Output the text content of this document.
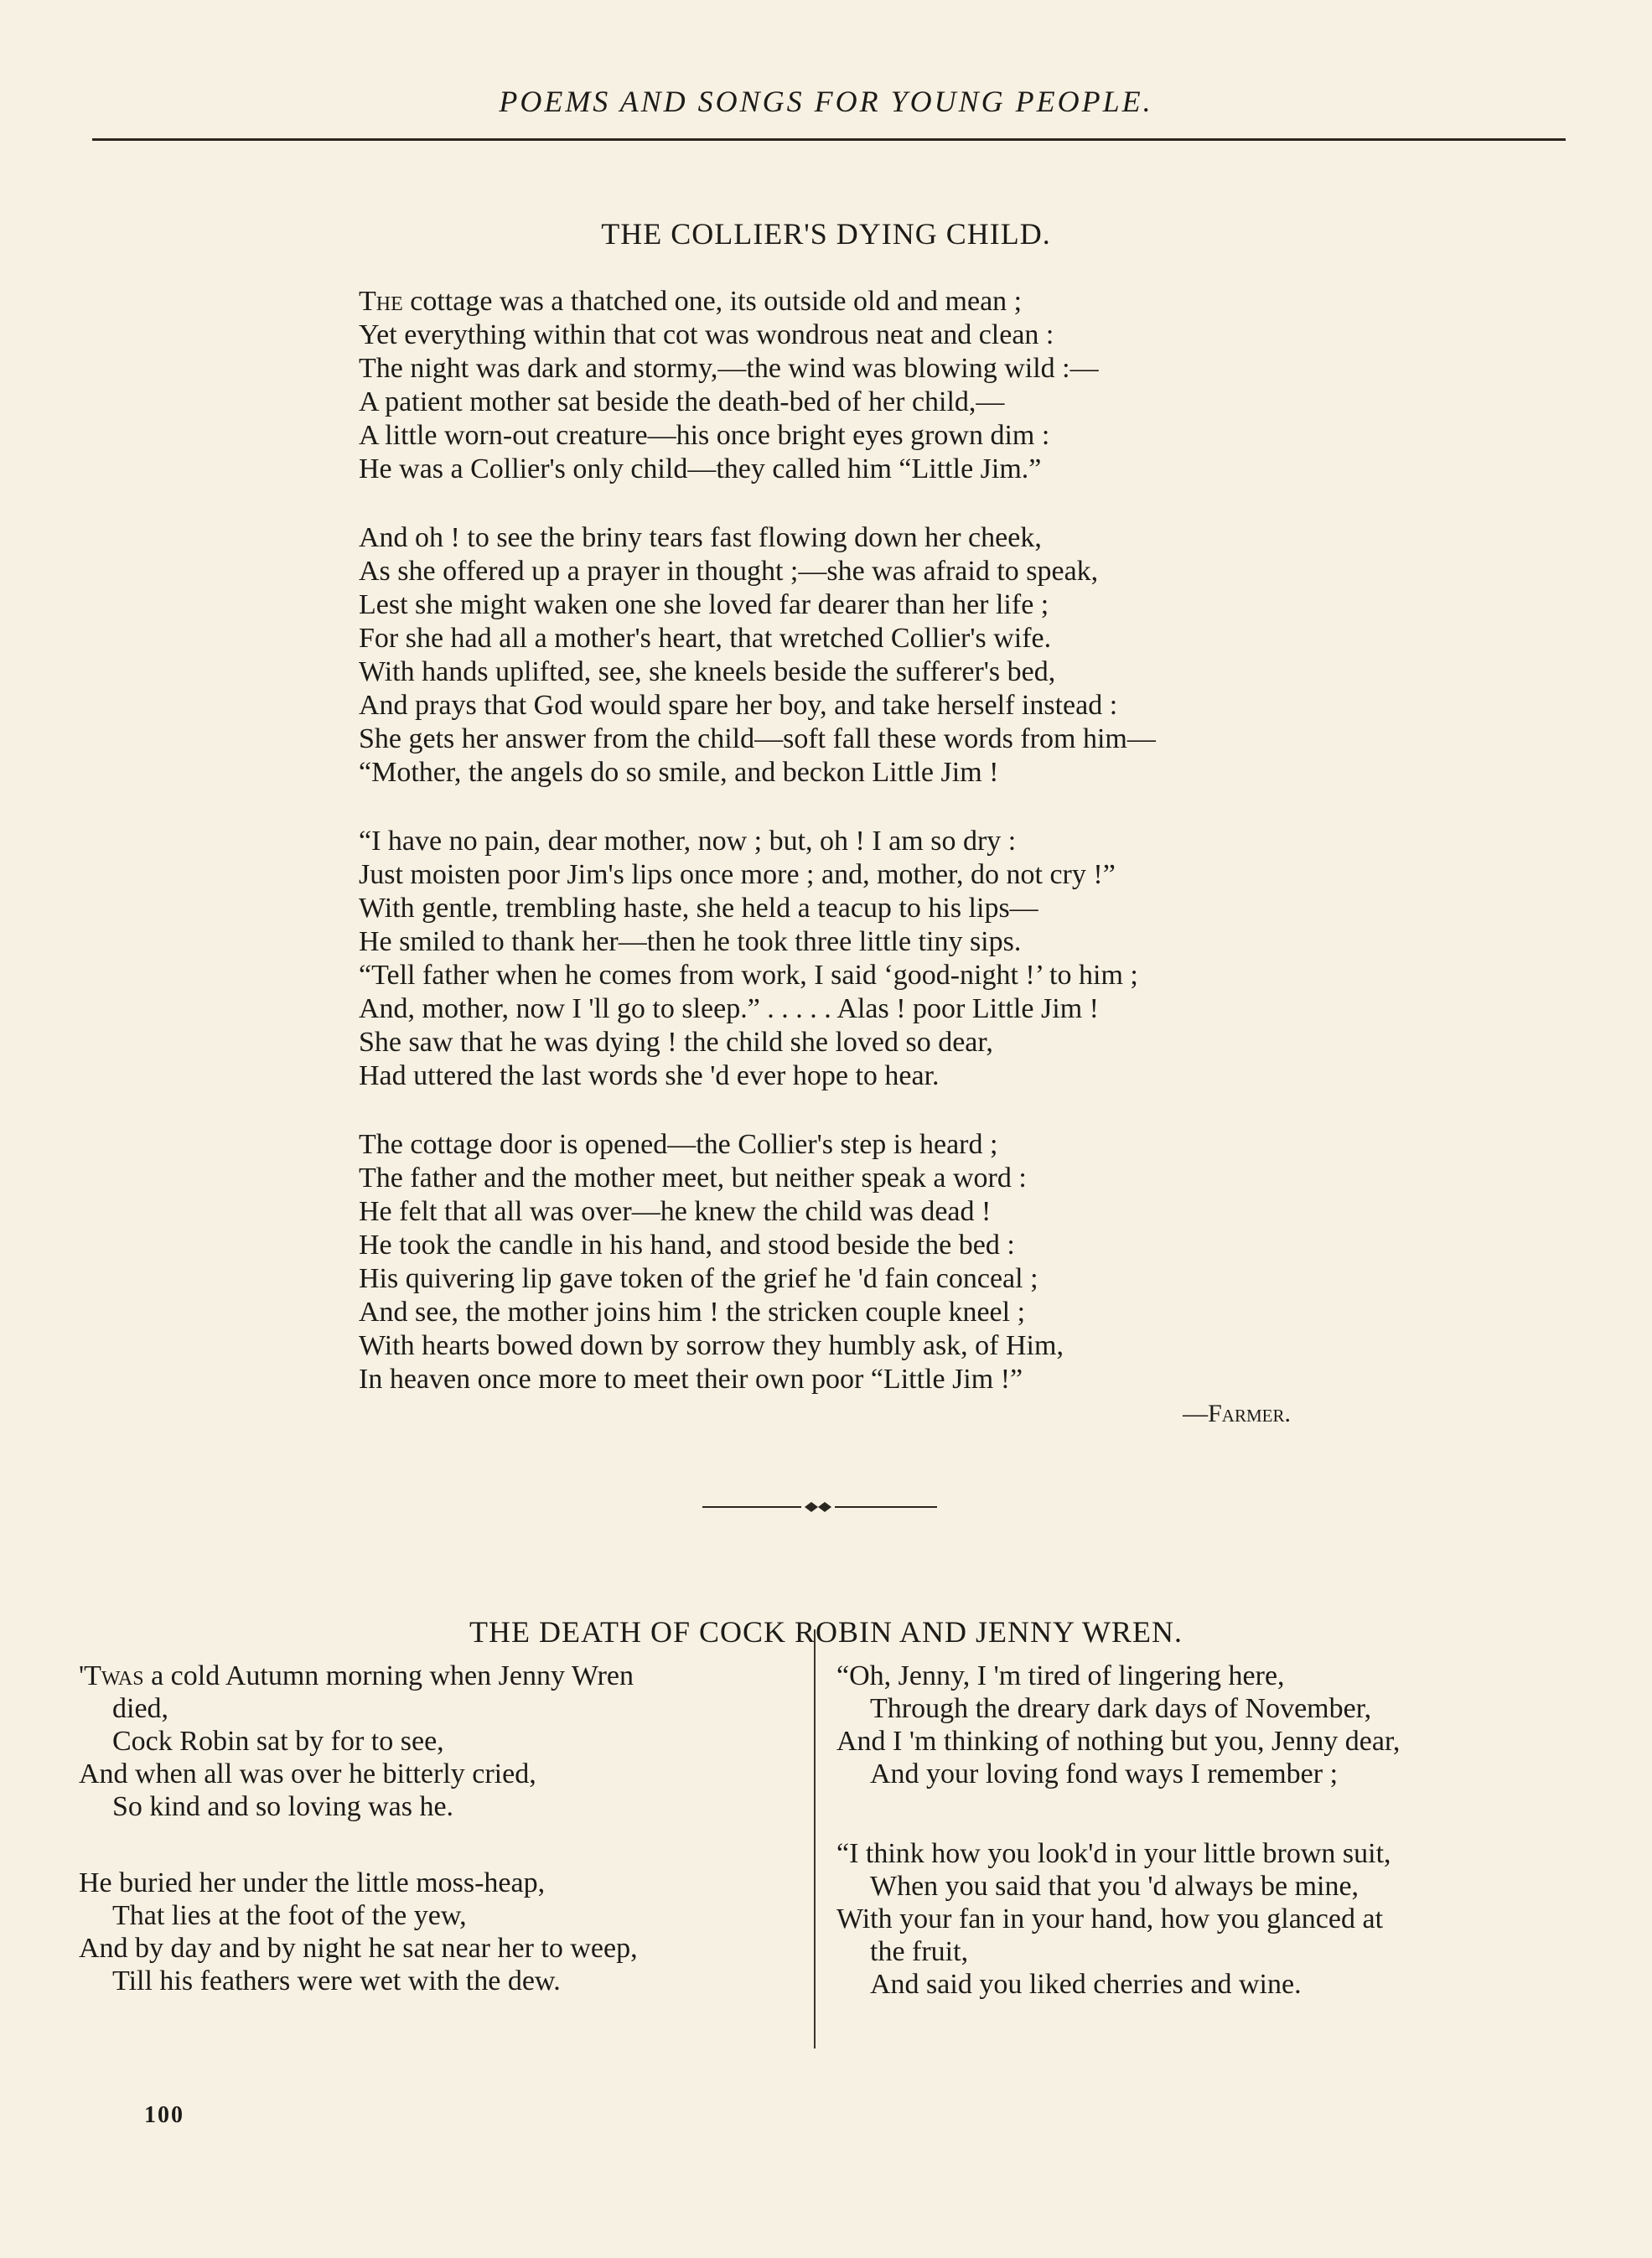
POEMS AND SONGS FOR YOUNG PEOPLE.
THE COLLIER'S DYING CHILD.
The cottage was a thatched one, its outside old and mean ;
Yet everything within that cot was wondrous neat and clean :
The night was dark and stormy,—the wind was blowing wild :—
A patient mother sat beside the death-bed of her child,—
A little worn-out creature—his once bright eyes grown dim :
He was a Collier's only child—they called him “Little Jim.”
And oh ! to see the briny tears fast flowing down her cheek,
As she offered up a prayer in thought ;—she was afraid to speak,
Lest she might waken one she loved far dearer than her life ;
For she had all a mother's heart, that wretched Collier's wife.
With hands uplifted, see, she kneels beside the sufferer's bed,
And prays that God would spare her boy, and take herself instead :
She gets her answer from the child—soft fall these words from him—
“Mother, the angels do so smile, and beckon Little Jim !
“I have no pain, dear mother, now ; but, oh ! I am so dry :
Just moisten poor Jim's lips once more ; and, mother, do not cry !”
With gentle, trembling haste, she held a teacup to his lips—
He smiled to thank her—then he took three little tiny sips.
“Tell father when he comes from work, I said ‘good-night !’ to him ;
And, mother, now I 'll go to sleep.” . . . . . Alas ! poor Little Jim !
She saw that he was dying ! the child she loved so dear,
Had uttered the last words she 'd ever hope to hear.
The cottage door is opened—the Collier's step is heard ;
The father and the mother meet, but neither speak a word :
He felt that all was over—he knew the child was dead !
He took the candle in his hand, and stood beside the bed :
His quivering lip gave token of the grief he 'd fain conceal ;
And see, the mother joins him ! the stricken couple kneel ;
With hearts bowed down by sorrow they humbly ask, of Him,
In heaven once more to meet their own poor “Little Jim !”
—Farmer.
THE DEATH OF COCK ROBIN AND JENNY WREN.
'Twas a cold Autumn morning when Jenny Wren
died,
Cock Robin sat by for to see,
And when all was over he bitterly cried,
So kind and so loving was he.
He buried her under the little moss-heap,
That lies at the foot of the yew,
And by day and by night he sat near her to weep,
Till his feathers were wet with the dew.
“Oh, Jenny, I 'm tired of lingering here,
Through the dreary dark days of November,
And I 'm thinking of nothing but you, Jenny dear,
And your loving fond ways I remember ;
“I think how you look'd in your little brown suit,
When you said that you 'd always be mine,
With your fan in your hand, how you glanced at
the fruit,
And said you liked cherries and wine.
100
